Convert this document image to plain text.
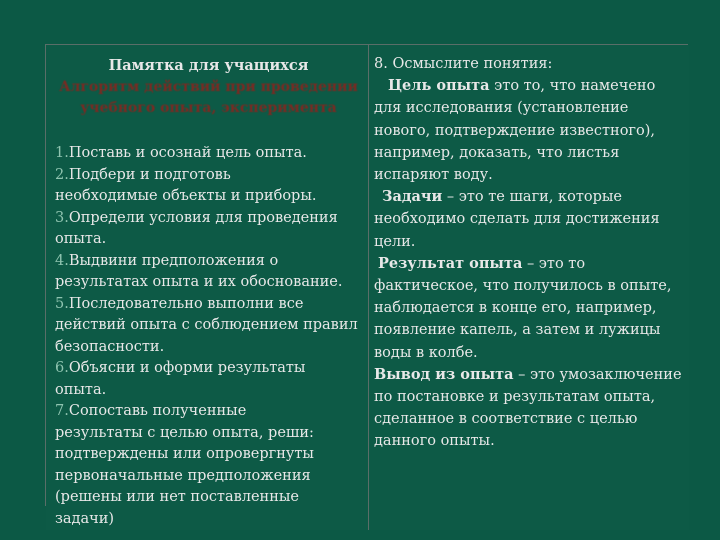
Памятка для учащихся
Алгоритм действий при проведении
учебного опыта, эксперимента
1.Поставь и осознай цель опыта.
2.Подбери и подготовь
необходимые объекты и приборы.
3.Определи условия для проведения
опыта.
4.Выдвини предположения о
результатах опыта и их обоснование.
5.Последовательно выполни все
действий опыта с соблюдением правил
безопасности.
6.Объясни и оформи результаты
опыта.
7.Сопоставь полученные
результаты с целью опыта, реши:
подтверждены или опровергнуты
первоначальные предположения
(решены или нет поставленные задачи)
8. Осмыслите понятия:
Цель опыта это то, что намечено
для исследования (установление
нового, подтверждение известного),
например, доказать, что листья
испаряют воду.
Задачи – это те шаги, которые
необходимо сделать для достижения
цели.
Результат опыта – это то
фактическое, что получилось в опыте,
наблюдается в конце его, например,
появление капель, а затем и лужицы
воды в колбе.
Вывод из опыта – это умозаключение
по постановке и результатам опыта,
сделанное в соответствие с целью
данного опыты.
